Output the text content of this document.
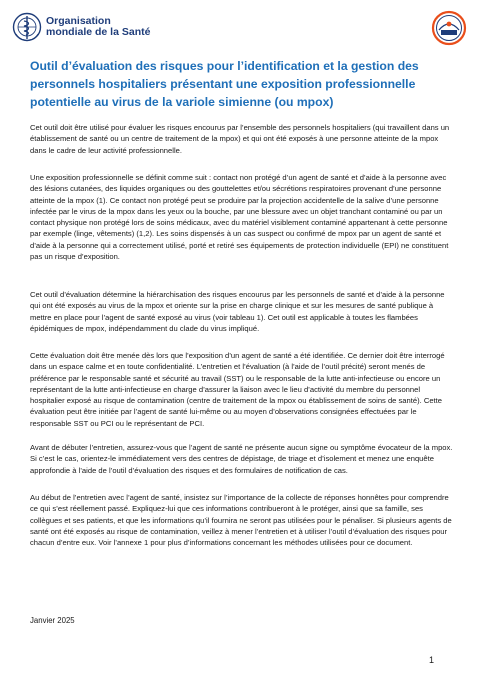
Organisation
mondiale de la Santé
Outil d’évaluation des risques pour l’identification et la gestion des personnels hospitaliers présentant une exposition professionnelle potentielle au virus de la variole simienne (ou mpox)

Cet outil doit être utilisé pour évaluer les risques encourus par l’ensemble des personnels hospitaliers (qui travaillent dans un établissement de santé ou un centre de traitement de la mpox) et qui ont été exposés à une personne atteinte de la mpox dans le cadre de leur activité professionnelle.

Une exposition professionnelle se définit comme suit : contact non protégé d’un agent de santé et d’aide à la personne avec des lésions cutanées, des liquides organiques ou des gouttelettes et/ou sécrétions respiratoires provenant d’une personne atteinte de la mpox (1). Ce contact non protégé peut se produire par la projection accidentelle de la salive d’une personne infectée par le virus de la mpox dans les yeux ou la bouche, par une blessure avec un objet tranchant contaminé ou par un contact physique non protégé lors de soins médicaux, avec du matériel visiblement contaminé appartenant à cette personne par exemple (linge, vêtements) (1,2). Les soins dispensés à un cas suspect ou confirmé de mpox par un agent de santé et d’aide à la personne qui a correctement utilisé, porté et retiré ses équipements de protection individuelle (EPI) ne constituent pas un risque d’exposition.

Cet outil d’évaluation détermine la hiérarchisation des risques encourus par les personnels de santé et d’aide à la personne qui ont été exposés au virus de la mpox et oriente sur la prise en charge clinique et sur les mesures de santé publique à mettre en place pour l’agent de santé exposé au virus (voir tableau 1). Cet outil est applicable à toutes les flambées épidémiques de mpox, indépendamment du clade du virus impliqué.

Cette évaluation doit être menée dès lors que l’exposition d’un agent de santé a été identifiée. Ce dernier doit être interrogé dans un espace calme et en toute confidentialité. L’entretien et l’évaluation (à l’aide de l’outil précité) seront menés de préférence par le responsable santé et sécurité au travail (SST) ou le responsable de la lutte anti-infectieuse ou encore un représentant de la lutte anti-infectieuse en charge d’assurer la liaison avec le lieu d’activité du membre du personnel hospitalier exposé au risque de contamination (centre de traitement de la mpox ou établissement de soins de santé). Cette évaluation peut être initiée par l’agent de santé lui-même ou au moyen d’observations consignées effectuées par le responsable SST ou PCI ou le représentant de PCI.

Avant de débuter l’entretien, assurez-vous que l’agent de santé ne présente aucun signe ou symptôme évocateur de la mpox. Si c’est le cas, orientez-le immédiatement vers des centres de dépistage, de triage et d’isolement et menez une enquête approfondie à l’aide de l’outil d’évaluation des risques et des formulaires de notification de cas.

Au début de l’entretien avec l’agent de santé, insistez sur l’importance de la collecte de réponses honnêtes pour comprendre ce qui s’est réellement passé. Expliquez-lui que ces informations contribueront à le protéger, ainsi que sa famille, ses collègues et ses patients, et que les informations qu’il fournira ne seront pas utilisées pour le pénaliser. Si plusieurs agents de santé ont été exposés au risque de contamination, veillez à mener l’entretien et à utiliser l’outil d’évaluation des risques pour chacun d’entre eux. Voir l’annexe 1 pour plus d’informations concernant les méthodes utilisées pour ce document.

Janvier 2025
1
